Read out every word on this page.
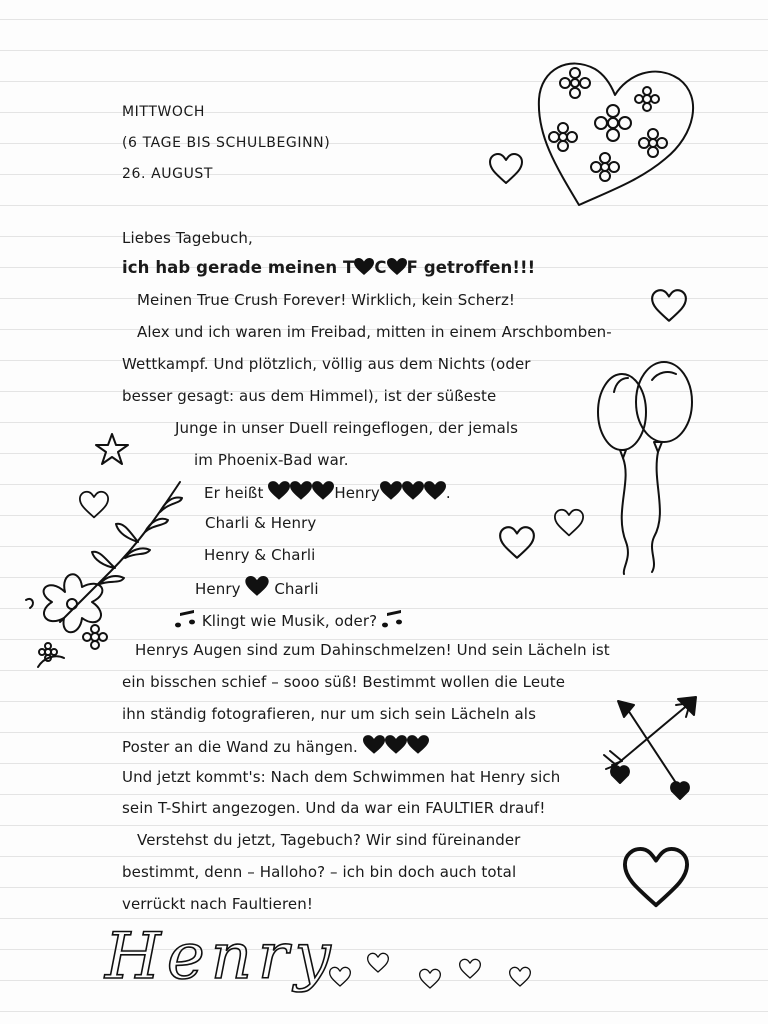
MITTWOCH
(6 TAGE BIS SCHULBEGINN)
26. AUGUST
Liebes Tagebuch,
ich hab gerade meinen T C F getroffen!!!
Meinen True Crush Forever! Wirklich, kein Scherz!
Alex und ich waren im Freibad, mitten in einem Arschbomben-
Wettkampf. Und plötzlich, völlig aus dem Nichts (oder
besser gesagt: aus dem Himmel), ist der süßeste
Junge in unser Duell reingeflogen, der jemals
im Phoenix-Bad war.
Er heißt	Henry	.
Charli & Henry
Henry & Charli
Henry Charli
Klingt wie Musik, oder?
Henrys Augen sind zum Dahinschmelzen! Und sein Lächeln ist
ein bisschen schief – sooo süß! Bestimmt wollen die Leute
ihn ständig fotografieren, nur um sich sein Lächeln als
Poster an die Wand zu hängen.
Und jetzt kommt's: Nach dem Schwimmen hat Henry sich
sein T-Shirt angezogen. Und da war ein FAULTIER drauf!
Verstehst du jetzt, Tagebuch? Wir sind füreinander
bestimmt, denn – Halloho? – ich bin doch auch total
verrückt nach Faultieren!
Henry
